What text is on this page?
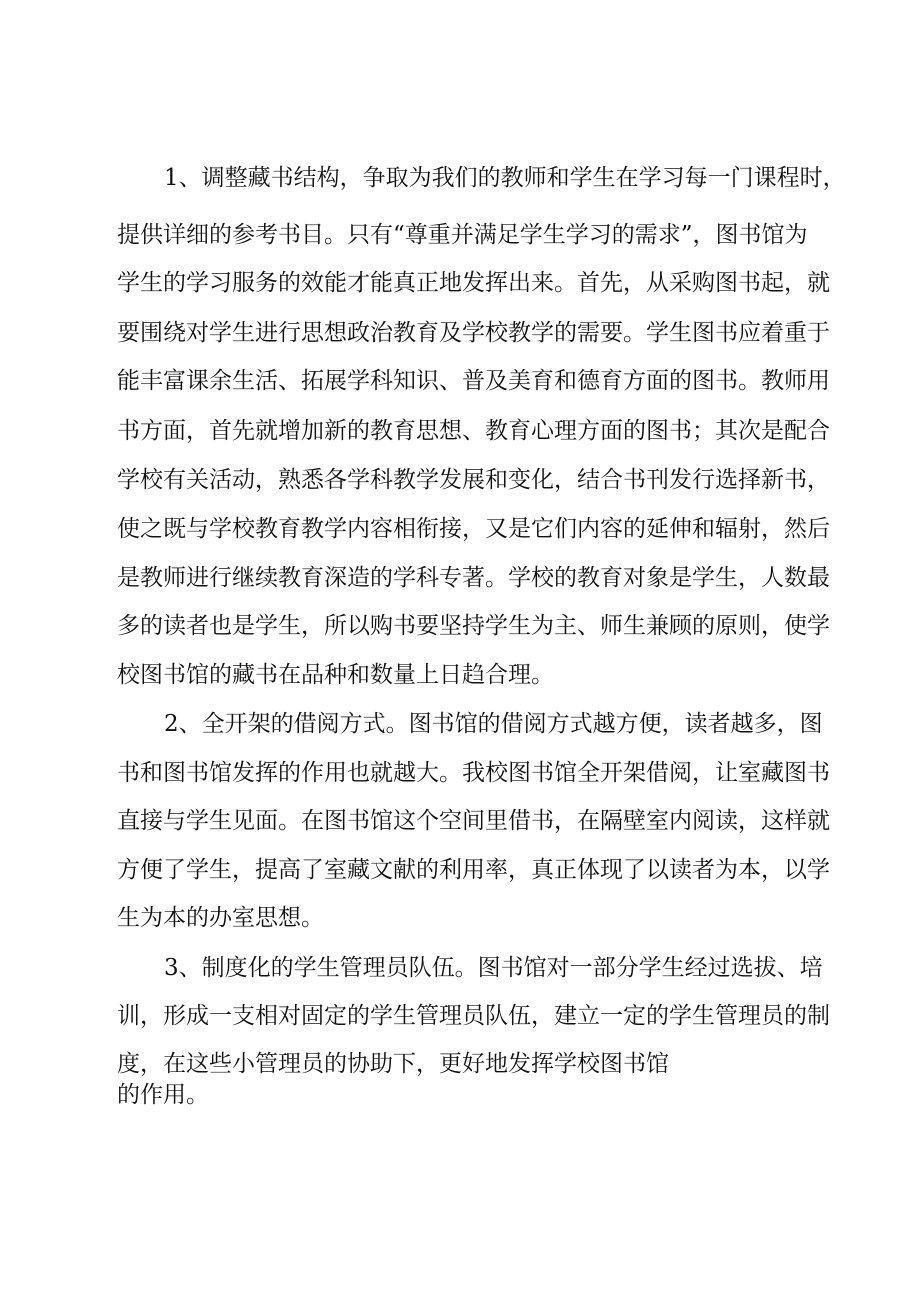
1、调整藏书结构，争取为我们的教师和学生在学习每一门课程时，
提供详细的参考书目。只有“尊重并满足学生学习的需求”，图书馆为
学生的学习服务的效能才能真正地发挥出来。首先，从采购图书起，就
要围绕对学生进行思想政治教育及学校教学的需要。学生图书应着重于
能丰富课余生活、拓展学科知识、普及美育和德育方面的图书。教师用
书方面，首先就增加新的教育思想、教育心理方面的图书；其次是配合
学校有关活动，熟悉各学科教学发展和变化，结合书刊发行选择新书，
使之既与学校教育教学内容相衔接，又是它们内容的延伸和辐射，然后
是教师进行继续教育深造的学科专著。学校的教育对象是学生，人数最
多的读者也是学生，所以购书要坚持学生为主、师生兼顾的原则，使学
校图书馆的藏书在品种和数量上日趋合理。
2、全开架的借阅方式。图书馆的借阅方式越方便，读者越多，图
书和图书馆发挥的作用也就越大。我校图书馆全开架借阅，让室藏图书
直接与学生见面。在图书馆这个空间里借书，在隔壁室内阅读，这样就
方便了学生，提高了室藏文献的利用率，真正体现了以读者为本，以学
生为本的办室思想。
3、制度化的学生管理员队伍。图书馆对一部分学生经过选拔、培
训，形成一支相对固定的学生管理员队伍，建立一定的学生管理员的制
度，在这些小管理员的协助下，更好地发挥学校图书馆
的作用。
